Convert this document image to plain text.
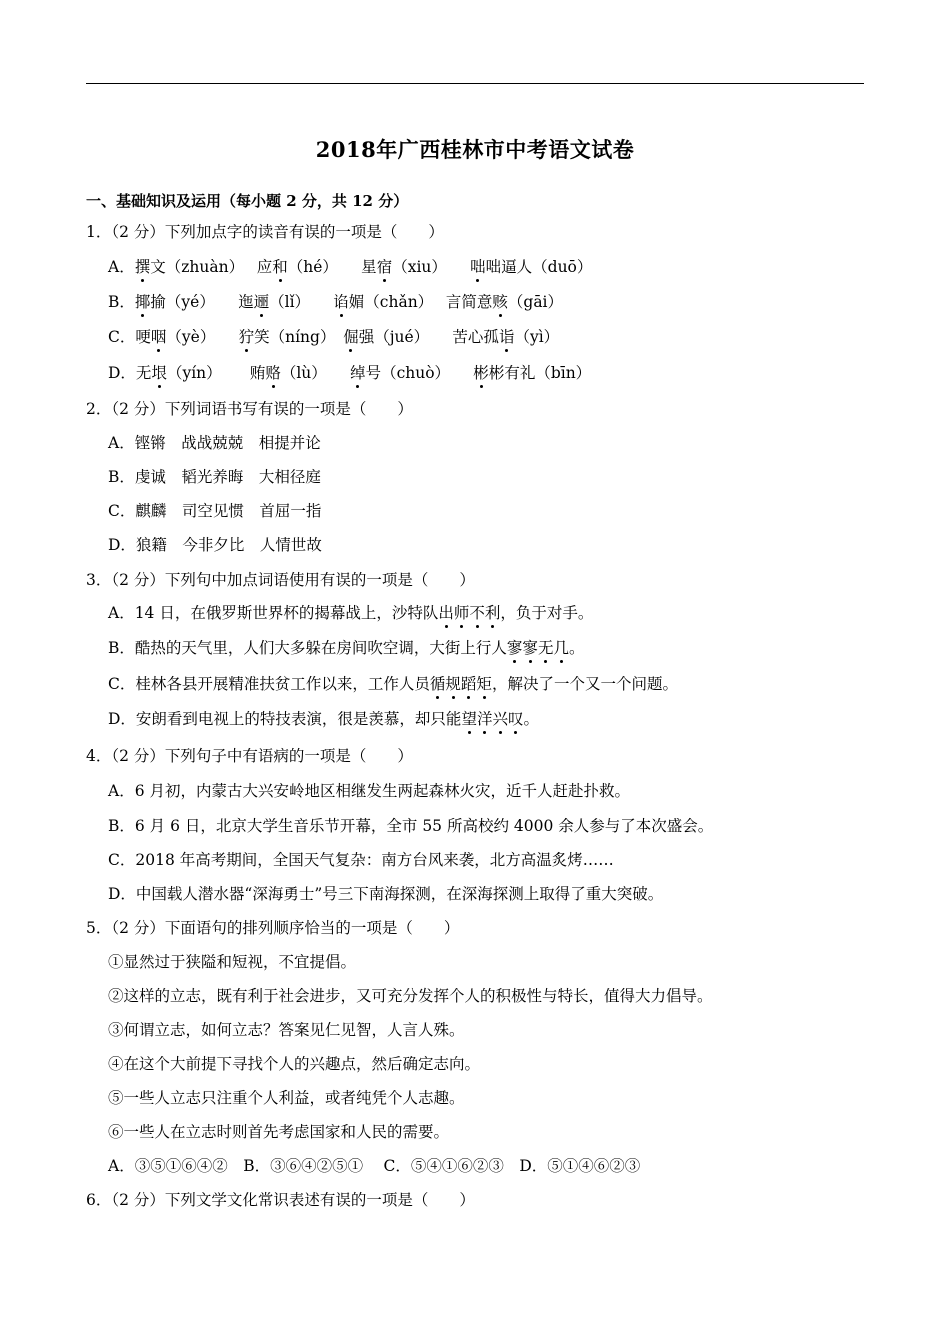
2018年广西桂林市中考语文试卷
一、基础知识及运用（每小题 2 分，共 12 分）
1．（2 分）下列加点字的读音有误的一项是（　　）
A．撰文（zhuàn）　 应和（hé）　　星宿（xiu）　　咄咄逼人（duō）
B．揶揄（yé）　　迤逦（lǐ）　　谄媚（chǎn）　 言简意赅（gāi）
C．哽咽（yè）　　狞笑（níng）　倔强（jué）　　苦心孤诣（yì）
D．无垠（yín）　　 贿赂（lù）　　绰号（chuò）　　彬彬有礼（bīn）
2．（2 分）下列词语书写有误的一项是（　　）
A．铿锵　战战兢兢　相提并论
B．虔诚　韬光养晦　大相径庭
C．麒麟　司空见惯　首屈一指
D．狼籍　今非夕比　人情世故
3．（2 分）下列句中加点词语使用有误的一项是（　　）
A．14 日，在俄罗斯世界杯的揭幕战上，沙特队出师不利，负于对手。
B．酷热的天气里，人们大多躲在房间吹空调，大街上行人寥寥无几。
C．桂林各县开展精准扶贫工作以来，工作人员循规蹈矩，解决了一个又一个问题。
D．安朗看到电视上的特技表演，很是羡慕，却只能望洋兴叹。
4．（2 分）下列句子中有语病的一项是（　　）
A．6 月初，内蒙古大兴安岭地区相继发生两起森林火灾，近千人赶赴扑救。
B．6 月 6 日，北京大学生音乐节开幕，全市 55 所高校约 4000 余人参与了本次盛会。
C．2018 年高考期间，全国天气复杂：南方台风来袭，北方高温炙烤……
D．中国载人潜水器“深海勇士”号三下南海探测，在深海探测上取得了重大突破。
5．（2 分）下面语句的排列顺序恰当的一项是（　　）
①显然过于狭隘和短视，不宜提倡。
②这样的立志，既有利于社会进步，又可充分发挥个人的积极性与特长，值得大力倡导。
③何谓立志，如何立志？答案见仁见智，人言人殊。
④在这个大前提下寻找个人的兴趣点，然后确定志向。
⑤一些人立志只注重个人利益，或者纯凭个人志趣。
⑥一些人在立志时则首先考虑国家和人民的需要。
A．③⑤①⑥④②　B．③⑥④②⑤①　 C．⑤④①⑥②③　D．⑤①④⑥②③
6．（2 分）下列文学文化常识表述有误的一项是（　　）
